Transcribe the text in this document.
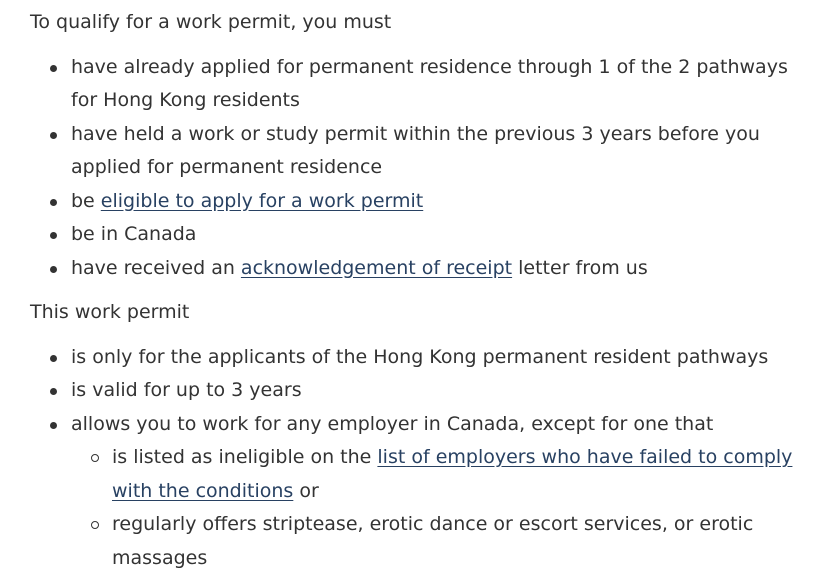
To qualify for a work permit, you must

have already applied for permanent residence through 1 of the 2 pathways for Hong Kong residents
have held a work or study permit within the previous 3 years before you applied for permanent residence
be eligible to apply for a work permit
be in Canada
have received an acknowledgement of receipt letter from us

This work permit

is only for the applicants of the Hong Kong permanent resident pathways
is valid for up to 3 years
allows you to work for any employer in Canada, except for one that
is listed as ineligible on the list of employers who have failed to comply with the conditions or
regularly offers striptease, erotic dance or escort services, or erotic massages
